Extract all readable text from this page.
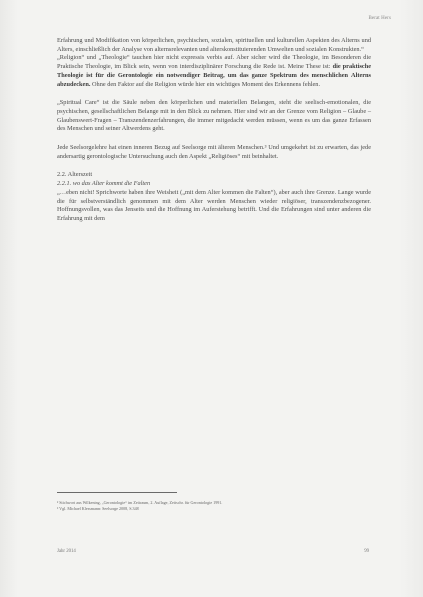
Berat Hers

Erfahrung und Modifikation von körperlichen, psychischen, sozialen, spirituellen und kulturellen Aspekten des Alterns und Alters, einschließlich der Analyse von alternsrelevanten und alterskonstituierenden Umwelten und sozialen Konstrukten.“

„Religion“ und „Theologie“ tauchen hier nicht expressis verbis auf. Aber sicher wird die Theologie, im Besonderen die Praktische Theologie, im Blick sein, wenn von interdisziplinärer Forschung die Rede ist. Meine These ist: die praktische Theologie ist für die Gerontologie ein notwendiger Beitrag, um das ganze Spektrum des menschlichen Alterns abzudecken. Ohne den Faktor auf die Religion würde hier ein wichtiges Moment des Erkennens fehlen.

„Spiritual Care“ ist die Säule neben den körperlichen und materiellen Belangen, steht die seelisch-emotionalen, die psychischen, gesellschaftlichen Belange mit in den Blick zu nehmen. Hier sind wir an der Grenze vom Religion – Glaube – Glaubenswert-Fragen – Transzendenzerfahrungen, die immer mitgedacht werden müssen, wenn es um das ganze Erfassen des Menschen und seiner Altwerdens geht.

Jede Seelsorgelehre hat einen inneren Bezug auf Seelsorge mit älteren Menschen.³ Und umgekehrt ist zu erwarten, das jede andersartig gerontologische Untersuchung auch den Aspekt „Religiöses“ mit beinhaltet.

2.2. Alterszeit

2.2.1. wo das Alter kommt die Falten

„…eben nicht! Sprichworte haben ihre Weisheit („mit dem Alter kommen die Falten“), aber auch ihre Grenze. Lange wurde die für selbstverständlich genommen mit dem Alter werden Menschen wieder religiöser, transzendenzbezogener. Hoffnungsvollen, was das Jenseits und die Hoffnung im Auferstehung betrifft. Und die Erfahrungen sind unter anderen die Erfahrung mit dem

² Stichwort aus Wilkening, „Gerontologie“ im Zeitraum, 2. Auflage, Zeitschr. für Gerontologie 1991.
³ Vgl. Michael Klessmann: Seelsorge 2008, S.348
Jahr 2014	99
